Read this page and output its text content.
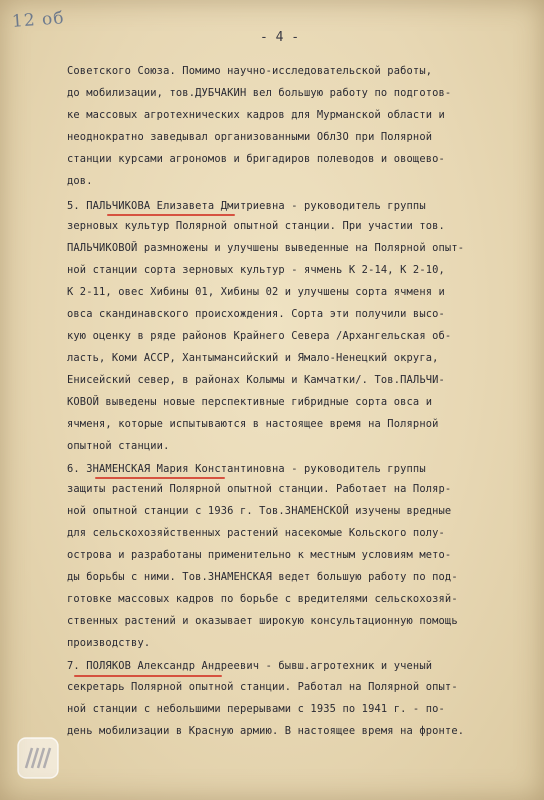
12 об
- 4 -
Советского Союза. Помимо научно-исследовательской работы,
до мобилизации, тов.ДУБЧАКИН вел большую работу по подготов-
ке массовых агротехнических кадров для Мурманской области и
неоднократно заведывал организованными ОблЗО при Полярной
станции курсами агрономов и бригадиров полеводов и овощево-
дов.
5. ПАЛЬЧИКОВА Елизавета Дмитриевна - руководитель группы
зерновых культур Полярной опытной станции. При участии тов.
ПАЛЬЧИКОВОЙ размножены и улучшены выведенные на Полярной опыт-
ной станции сорта зерновых культур - ячмень К 2-14, К 2-10,
К 2-11, овес Хибины 01, Хибины 02 и улучшены сорта ячменя и
овса скандинавского происхождения. Сорта эти получили высо-
кую оценку в ряде районов Крайнего Севера /Архангельская об-
ласть, Коми АССР, Хантымансийский и Ямало-Ненецкий округа,
Енисейский север, в районах Колымы и Камчатки/. Тов.ПАЛЬЧИ-
КОВОЙ выведены новые перспективные гибридные сорта овса и
ячменя, которые испытываются в настоящее время на Полярной
опытной станции.
6. ЗНАМЕНСКАЯ Мария Константиновна - руководитель группы
защиты растений Полярной опытной станции. Работает на Поляр-
ной опытной станции с 1936 г. Тов.ЗНАМЕНСКОЙ изучены вредные
для сельскохозяйственных растений насекомые Кольского полу-
острова и разработаны применительно к местным условиям мето-
ды борьбы с ними. Тов.ЗНАМЕНСКАЯ ведет большую работу по под-
готовке массовых кадров по борьбе с вредителями сельскохозяй-
ственных растений и оказывает широкую консультационную помощь
производству.
7. ПОЛЯКОВ Александр Андреевич - бывш.агротехник и ученый
секретарь Полярной опытной станции. Работал на Полярной опыт-
ной станции с небольшими перерывами с 1935 по 1941 г. - по-
день мобилизации в Красную армию. В настоящее время на фронте.
